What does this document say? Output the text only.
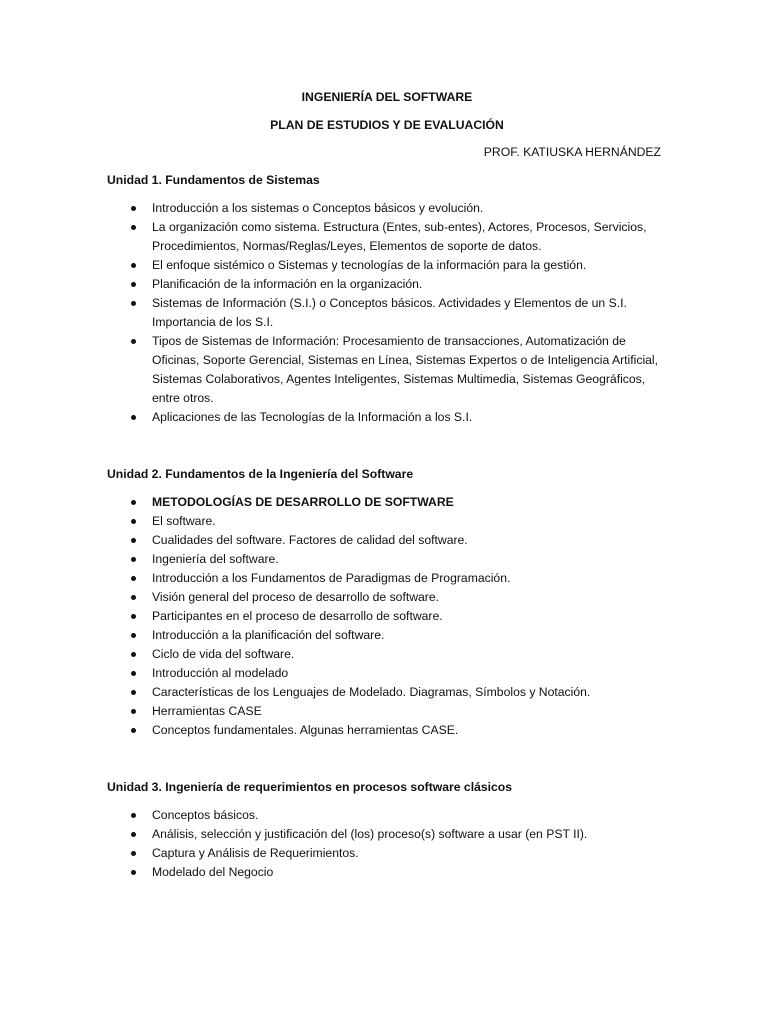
INGENIERÍA DEL SOFTWARE

PLAN DE ESTUDIOS Y DE EVALUACIÓN

PROF. KATIUSKA HERNÁNDEZ

Unidad 1. Fundamentos de Sistemas

Introducción a los sistemas o Conceptos básicos y evolución.
La organización como sistema. Estructura (Entes, sub-entes), Actores, Procesos, Servicios, Procedimientos, Normas/Reglas/Leyes, Elementos de soporte de datos.
El enfoque sistémico o Sistemas y tecnologías de la información para la gestión.
Planificación de la información en la organización.
Sistemas de Información (S.I.) o Conceptos básicos. Actividades y Elementos de un S.I. Importancia de los S.I.
Tipos de Sistemas de Información: Procesamiento de transacciones, Automatización de Oficinas, Soporte Gerencial, Sistemas en Línea, Sistemas Expertos o de Inteligencia Artificial, Sistemas Colaborativos, Agentes Inteligentes, Sistemas Multimedia, Sistemas Geográficos, entre otros.
Aplicaciones de las Tecnologías de la Información a los S.I.

Unidad 2. Fundamentos de la Ingeniería del Software

METODOLOGÍAS DE DESARROLLO DE SOFTWARE
El software.
Cualidades del software. Factores de calidad del software.
Ingeniería del software.
Introducción a los Fundamentos de Paradigmas de Programación.
Visión general del proceso de desarrollo de software.
Participantes en el proceso de desarrollo de software.
Introducción a la planificación del software.
Ciclo de vida del software.
Introducción al modelado
Características de los Lenguajes de Modelado. Diagramas, Símbolos y Notación.
Herramientas CASE
Conceptos fundamentales. Algunas herramientas CASE.

Unidad 3. Ingeniería de requerimientos en procesos software clásicos

Conceptos básicos.
Análisis, selección y justificación del (los) proceso(s) software a usar (en PST II).
Captura y Análisis de Requerimientos.
Modelado del Negocio
